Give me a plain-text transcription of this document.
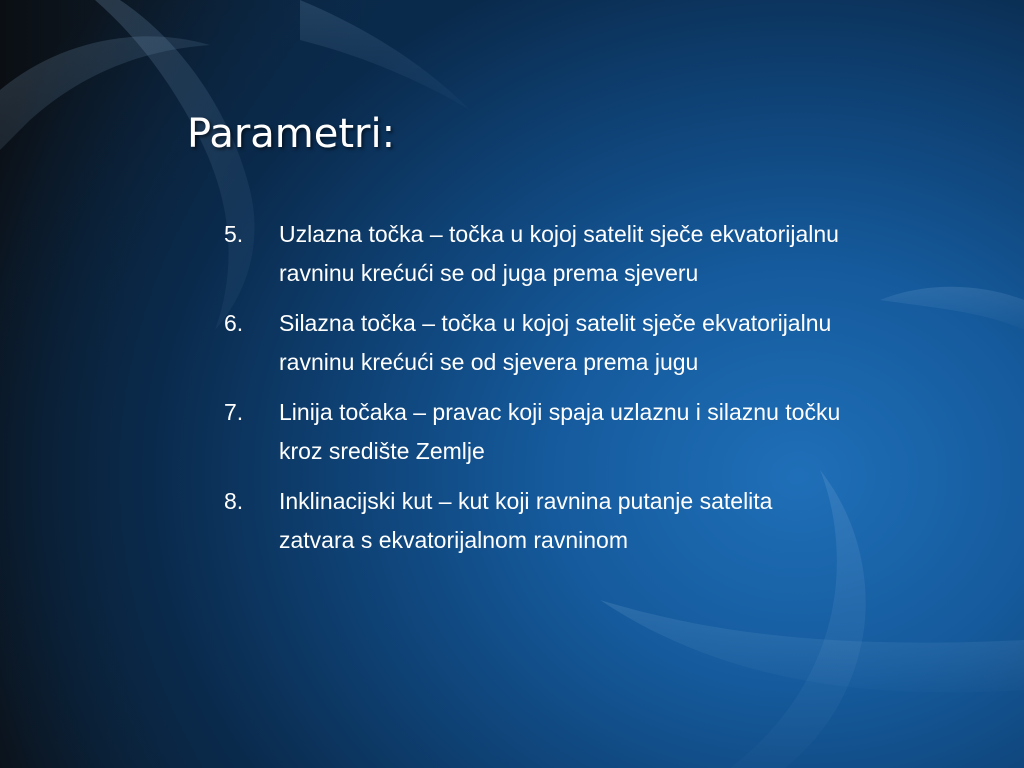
Parametri:
5.	Uzlazna točka – točka u kojoj satelit sječe ekvatorijalnu ravninu krećući se od juga prema sjeveru
6.	Silazna točka – točka u kojoj satelit sječe ekvatorijalnu ravninu krećući se od sjevera prema jugu
7.	Linija točaka – pravac koji spaja uzlaznu i silaznu točku kroz središte Zemlje
8.	Inklinacijski kut – kut koji ravnina putanje satelita zatvara s ekvatorijalnom ravninom
